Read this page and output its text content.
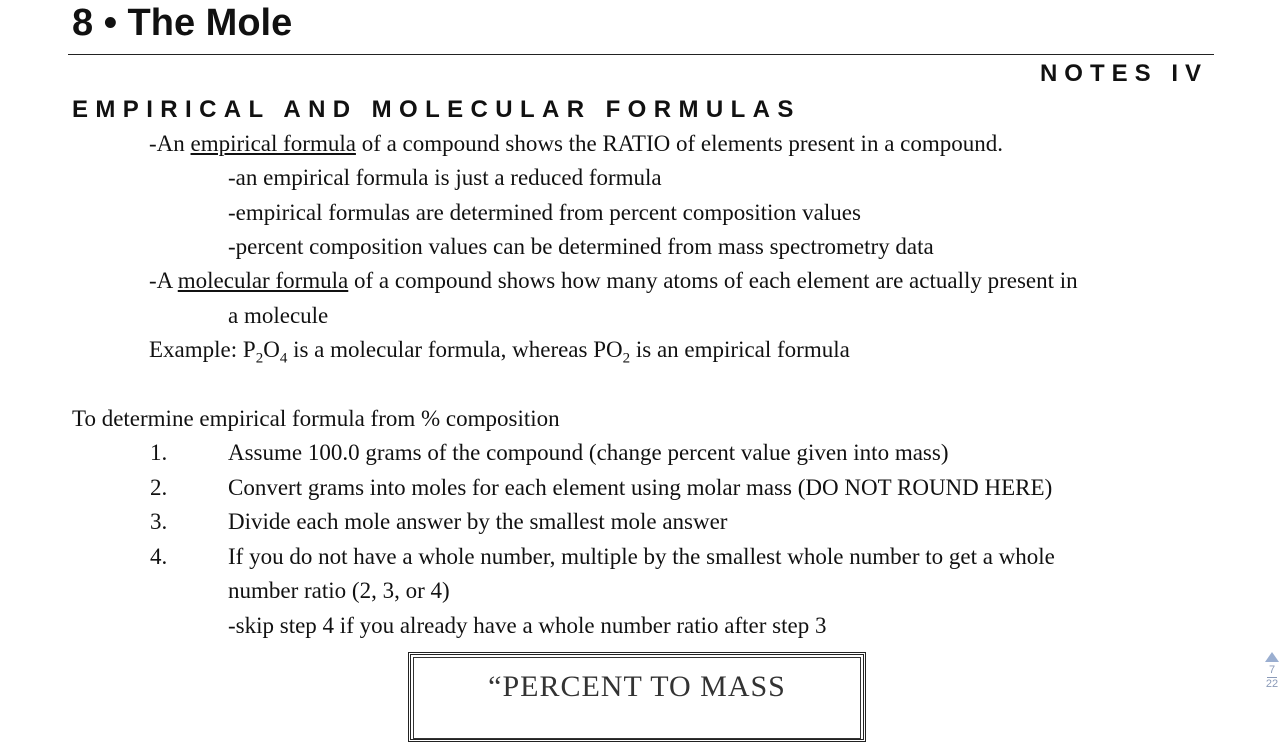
8 • The Mole
NOTES IV
EMPIRICAL AND MOLECULAR FORMULAS
-An empirical formula of a compound shows the RATIO of elements present in a compound.
-an empirical formula is just a reduced formula
-empirical formulas are determined from percent composition values
-percent composition values can be determined from mass spectrometry data
-A molecular formula of a compound shows how many atoms of each element are actually present in
a molecule
Example: $P_2O_4$ is a molecular formula, whereas $PO_2$ is an empirical formula
To determine empirical formula from % composition
1.	Assume 100.0 grams of the compound (change percent value given into mass)
2.	Convert grams into moles for each element using molar mass (DO NOT ROUND HERE)
3.	Divide each mole answer by the smallest mole answer
4.	If you do not have a whole number, multiple by the smallest whole number to get a whole
number ratio (2, 3, or 4)
-skip step 4 if you already have a whole number ratio after step 3
“PERCENT TO MASS	7
22
